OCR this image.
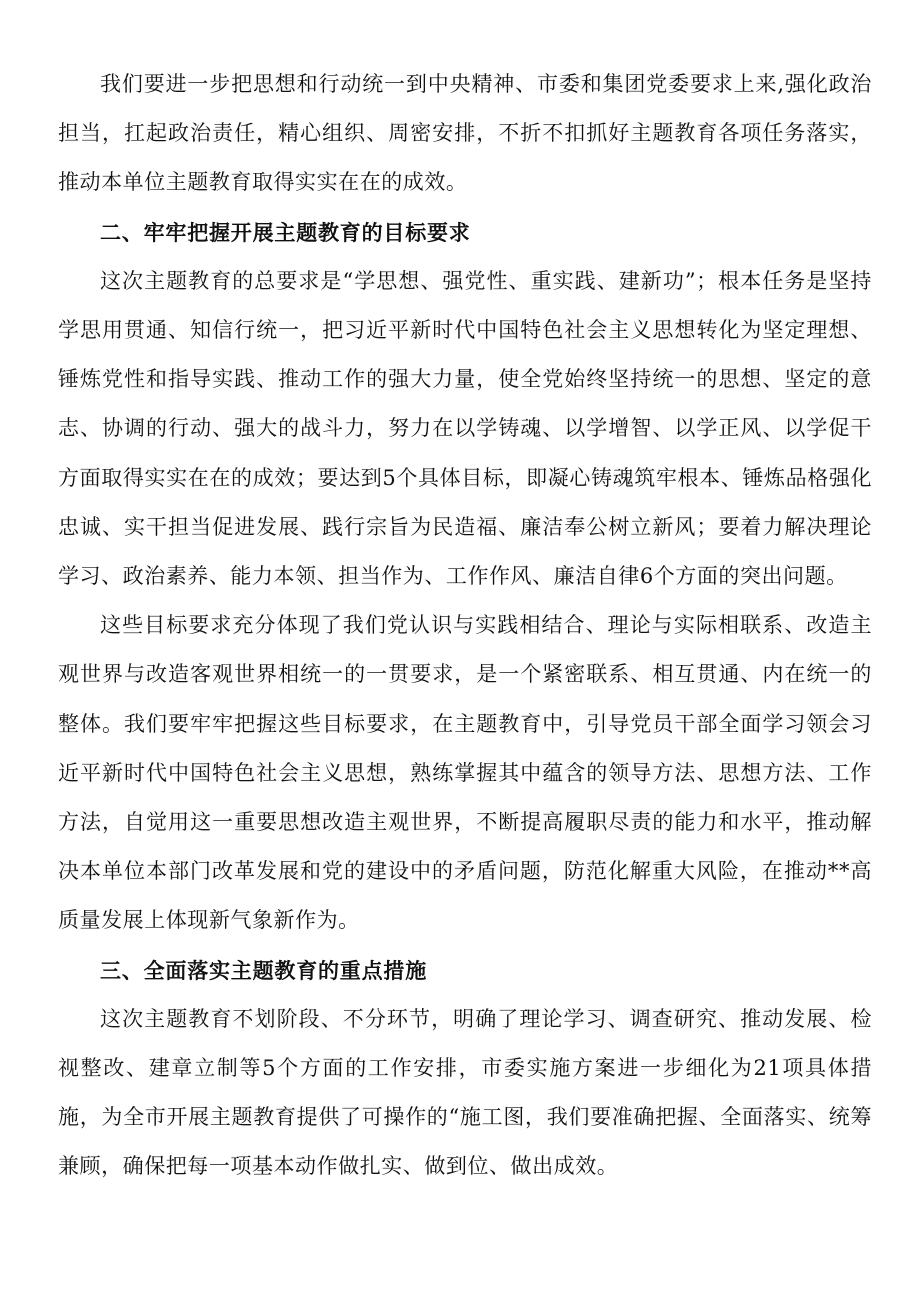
我们要进一步把思想和行动统一到中央精神、市委和集团党委要求上来,强化政治担当，扛起政治责任，精心组织、周密安排，不折不扣抓好主题教育各项任务落实，推动本单位主题教育取得实实在在的成效。

二、牢牢把握开展主题教育的目标要求

这次主题教育的总要求是“学思想、强党性、重实践、建新功”；根本任务是坚持学思用贯通、知信行统一，把习近平新时代中国特色社会主义思想转化为坚定理想、锤炼党性和指导实践、推动工作的强大力量，使全党始终坚持统一的思想、坚定的意志、协调的行动、强大的战斗力，努力在以学铸魂、以学增智、以学正风、以学促干方面取得实实在在的成效；要达到5个具体目标，即凝心铸魂筑牢根本、锤炼品格强化忠诚、实干担当促进发展、践行宗旨为民造福、廉洁奉公树立新风；要着力解决理论学习、政治素养、能力本领、担当作为、工作作风、廉洁自律6个方面的突出问题。

这些目标要求充分体现了我们党认识与实践相结合、理论与实际相联系、改造主观世界与改造客观世界相统一的一贯要求，是一个紧密联系、相互贯通、内在统一的整体。我们要牢牢把握这些目标要求，在主题教育中，引导党员干部全面学习领会习近平新时代中国特色社会主义思想，熟练掌握其中蕴含的领导方法、思想方法、工作方法，自觉用这一重要思想改造主观世界，不断提高履职尽责的能力和水平，推动解决本单位本部门改革发展和党的建设中的矛盾问题，防范化解重大风险，在推动**高质量发展上体现新气象新作为。

三、全面落实主题教育的重点措施

这次主题教育不划阶段、不分环节，明确了理论学习、调查研究、推动发展、检视整改、建章立制等5个方面的工作安排，市委实施方案进一步细化为21项具体措施，为全市开展主题教育提供了可操作的“施工图，我们要准确把握、全面落实、统筹兼顾，确保把每一项基本动作做扎实、做到位、做出成效。
